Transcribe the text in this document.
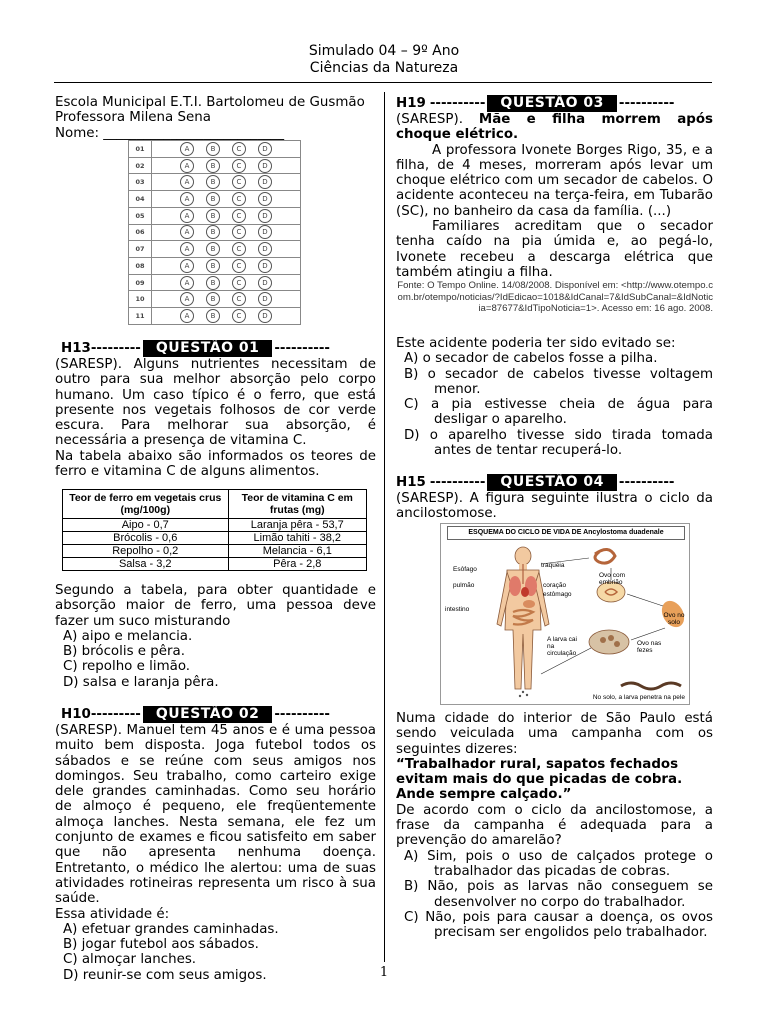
Simulado 04 – 9º Ano
Ciências da Natureza

Escola Municipal E.T.I. Bartolomeu de Gusmão

Professora Milena Sena

Nome: ___________________________

01	A B C D
02	A B C D
03	A B C D
04	A B C D
05	A B C D
06	A B C D
07	A B C D
08	A B C D
09	A B C D
10	A B C D
11	A B C D
H13 ---------	QUESTÃO 01	----------

(SARESP). Alguns nutrientes necessitam de outro para sua melhor absorção pelo corpo humano. Um caso típico é o ferro, que está presente nos vegetais folhosos de cor verde escura. Para melhorar sua absorção, é necessária a presença de vitamina C.

Na tabela abaixo são informados os teores de ferro e vitamina C de alguns alimentos.

Teor de ferro em vegetais crus (mg/100g)	Teor de vitamina C em frutas (mg)
Aipo - 0,7	Laranja pêra - 53,7
Brócolis - 0,6	Limão tahiti - 38,2
Repolho - 0,2	Melancia - 6,1
Salsa - 3,2	Pêra - 2,8

Segundo a tabela, para obter quantidade e absorção maior de ferro, uma pessoa deve fazer um suco misturando

A) aipo e melancia.

B) brócolis e pêra.

C) repolho e limão.

D) salsa e laranja pêra.

H10 ---------	QUESTÃO 02	----------

(SARESP). Manuel tem 45 anos e é uma pessoa muito bem disposta. Joga futebol todos os sábados e se reúne com seus amigos nos domingos. Seu trabalho, como carteiro exige dele grandes caminhadas. Como seu horário de almoço é pequeno, ele freqüentemente almoça lanches. Nesta semana, ele fez um conjunto de exames e ficou satisfeito em saber que não apresenta nenhuma doença. Entretanto, o médico lhe alertou: uma de suas atividades rotineiras representa um risco à sua saúde.

Essa atividade é:

A) efetuar grandes caminhadas.

B) jogar futebol aos sábados.

C) almoçar lanches.

D) reunir-se com seus amigos.

H19 ----------	QUESTÃO 03	----------

(SARESP). Mãe e filha morrem após choque elétrico.

A professora Ivonete Borges Rigo, 35, e a filha, de 4 meses, morreram após levar um choque elétrico com um secador de cabelos. O acidente aconteceu na terça-feira, em Tubarão (SC), no banheiro da casa da família. (...)

Familiares acreditam que o secador tenha caído na pia úmida e, ao pegá-lo, Ivonete recebeu a descarga elétrica que também atingiu a filha.

Fonte: O Tempo Online. 14/08/2008. Disponível em: <http://www.otempo.com.br/otempo/noticias/?IdEdicao=1018&IdCanal=7&IdSubCanal=&IdNoticia=87677&IdTipoNoticia=1>. Acesso em: 16 ago. 2008.

Este acidente poderia ter sido evitado se:

A) o secador de cabelos fosse a pilha.

B) o secador de cabelos tivesse voltagem menor.

C) a pia estivesse cheia de água para desligar o aparelho.

D) o aparelho tivesse sido tirada tomada antes de tentar recuperá-lo.

H15 ----------	QUESTÃO 04	----------

(SARESP). A figura seguinte ilustra o ciclo da ancilostomose.

ESQUEMA DO CICLO DE VIDA DE Ancylostoma duadenale
Esôfago
traquéia
pulmão	coração
estômago
intestino
Ovo com embrião
Ovo no solo
Ovo nas fezes
A larva cai na circulação
No solo, a larva penetra na pele

Numa cidade do interior de São Paulo está sendo veiculada uma campanha com os seguintes dizeres:

“Trabalhador rural, sapatos fechados evitam mais do que picadas de cobra. Ande sempre calçado.”

De acordo com o ciclo da ancilostomose, a frase da campanha é adequada para a prevenção do amarelão?

A) Sim, pois o uso de calçados protege o trabalhador das picadas de cobras.

B) Não, pois as larvas não conseguem se desenvolver no corpo do trabalhador.

C) Não, pois para causar a doença, os ovos precisam ser engolidos pelo trabalhador.

1
